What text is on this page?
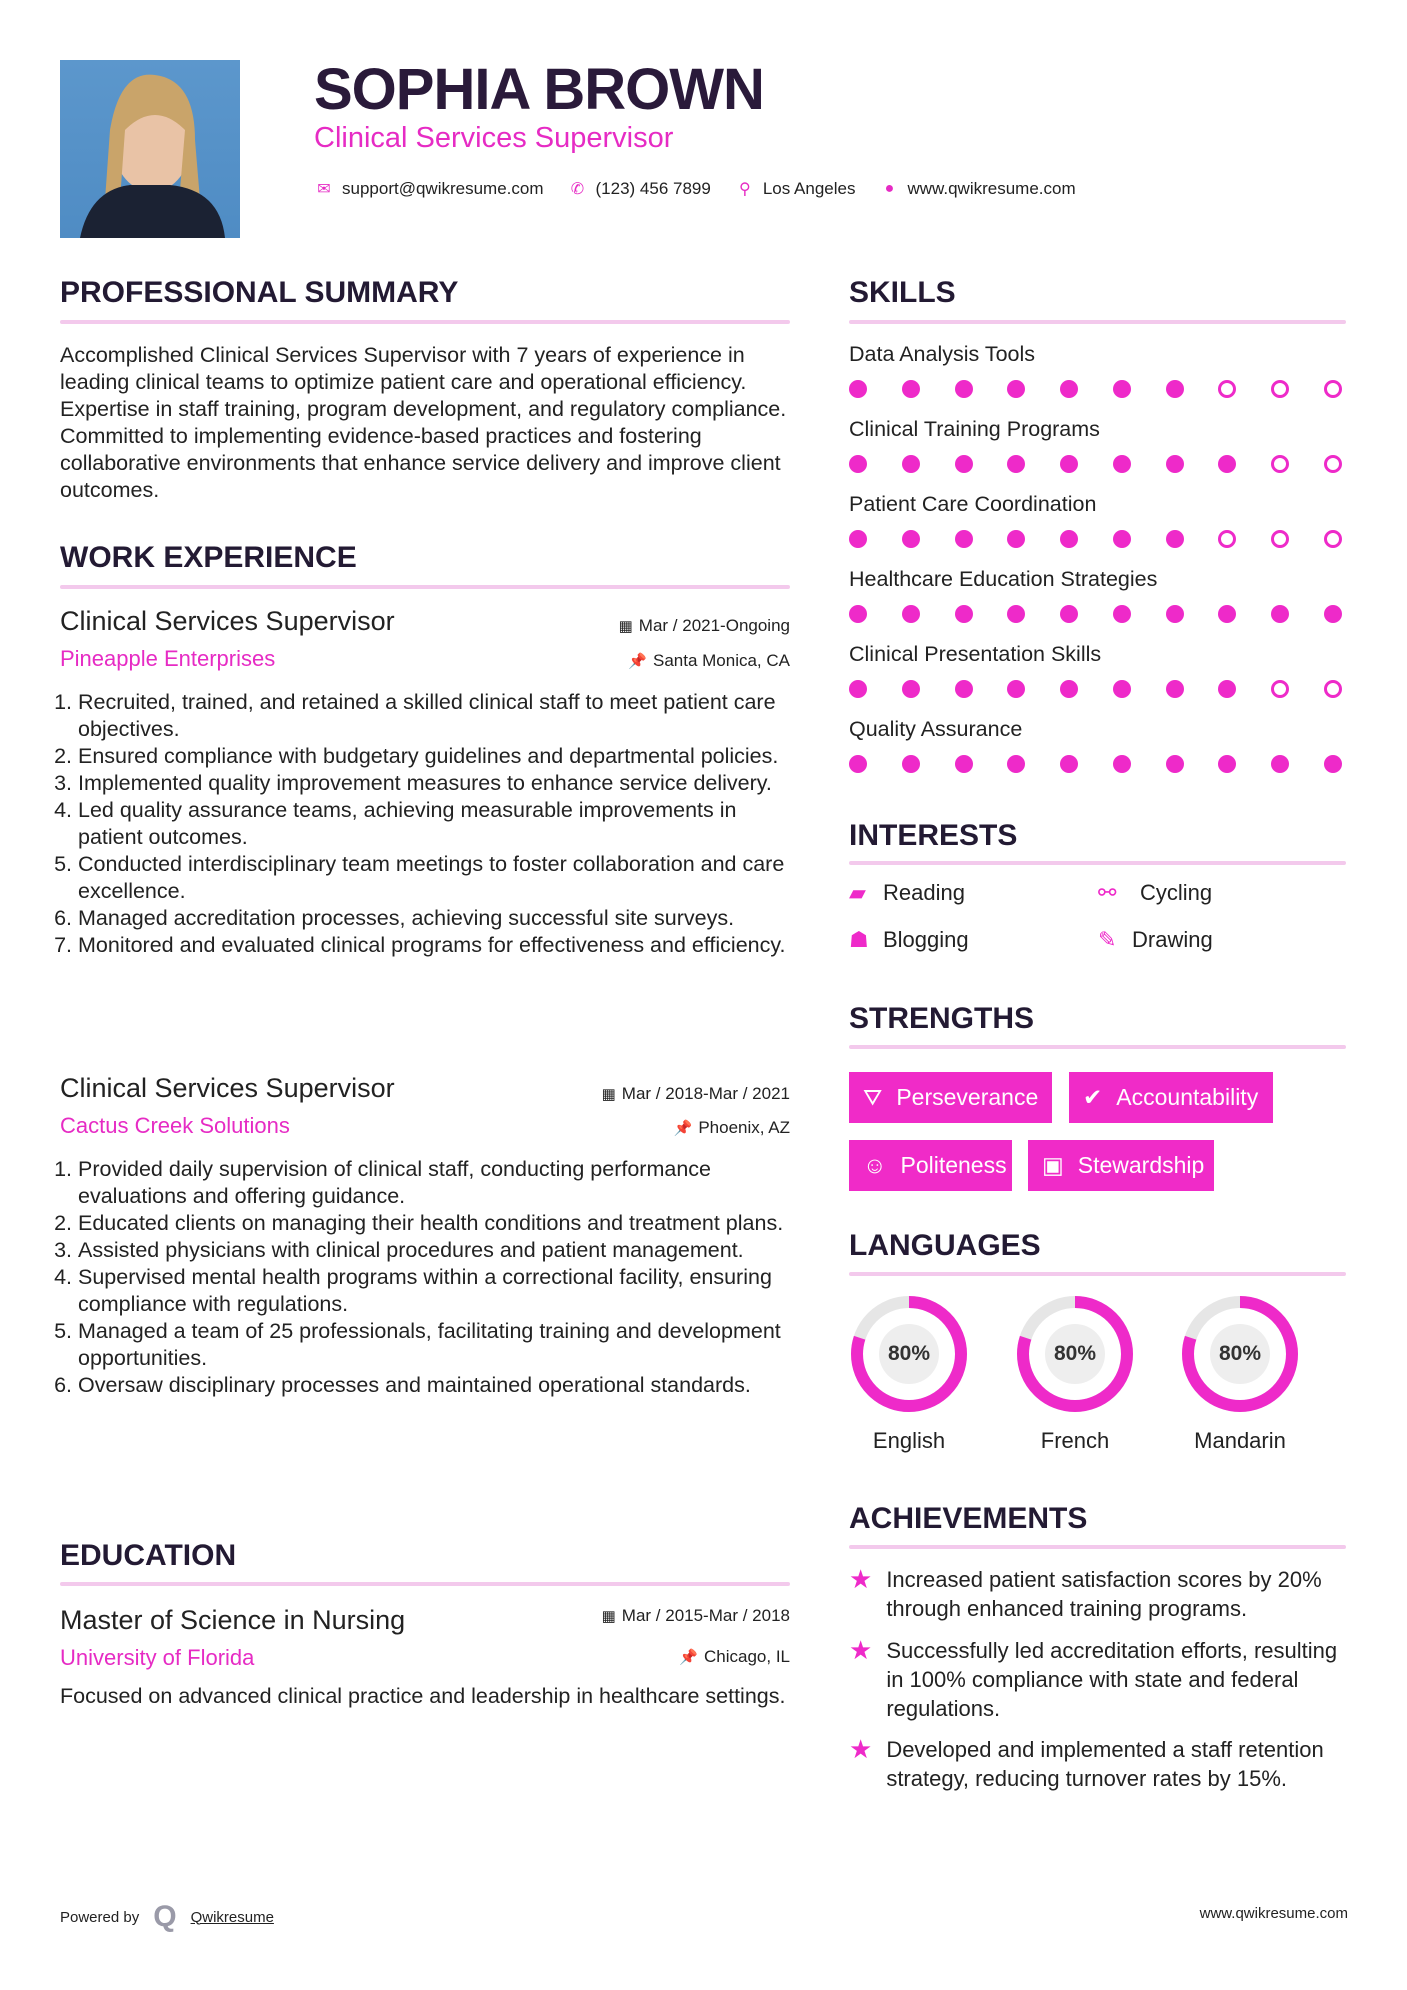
SOPHIA BROWN
Clinical Services Supervisor
✉ support@qwikresume.com ✆ (123) 456 7899 ⚲ Los Angeles	● www.qwikresume.com
PROFESSIONAL SUMMARY
Accomplished Clinical Services Supervisor with 7 years of experience in leading clinical teams to optimize patient care and operational efficiency. Expertise in staff training, program development, and regulatory compliance. Committed to implementing evidence-based practices and fostering collaborative environments that enhance service delivery and improve client outcomes.
WORK EXPERIENCE
Clinical Services Supervisor	▦ Mar / 2021-Ongoing
Pineapple Enterprises	📌 Santa Monica, CA
1. Recruited, trained, and retained a skilled clinical staff to meet patient care objectives.
2. Ensured compliance with budgetary guidelines and departmental policies.
3. Implemented quality improvement measures to enhance service delivery.
4. Led quality assurance teams, achieving measurable improvements in patient outcomes.
5. Conducted interdisciplinary team meetings to foster collaboration and care excellence.
6. Managed accreditation processes, achieving successful site surveys.
7. Monitored and evaluated clinical programs for effectiveness and efficiency.
Clinical Services Supervisor	▦ Mar / 2018-Mar / 2021
Cactus Creek Solutions	📌 Phoenix, AZ
1. Provided daily supervision of clinical staff, conducting performance evaluations and offering guidance.
2. Educated clients on managing their health conditions and treatment plans.
3. Assisted physicians with clinical procedures and patient management.
4. Supervised mental health programs within a correctional facility, ensuring compliance with regulations.
5. Managed a team of 25 professionals, facilitating training and development opportunities.
6. Oversaw disciplinary processes and maintained operational standards.
EDUCATION
Master of Science in Nursing	▦ Mar / 2015-Mar / 2018
University of Florida	📌 Chicago, IL
Focused on advanced clinical practice and leadership in healthcare settings.
SKILLS
Data Analysis Tools
Clinical Training Programs
Patient Care Coordination
Healthcare Education Strategies
Clinical Presentation Skills
Quality Assurance
INTERESTS
▰ Reading	⚯	Cycling
☗ Blogging	✎ Drawing
STRENGTHS
⛛ Perseverance ✔ Accountability
☺ Politeness ▣ Stewardship
LANGUAGES
80%
English
80%
French
80%
Mandarin
ACHIEVEMENTS
★ Increased patient satisfaction scores by 20% through enhanced training programs.
★ Successfully led accreditation efforts, resulting in 100% compliance with state and federal regulations.
★ Developed and implemented a staff retention strategy, reducing turnover rates by 15%.
Powered by Q Qwikresume	www.qwikresume.com
